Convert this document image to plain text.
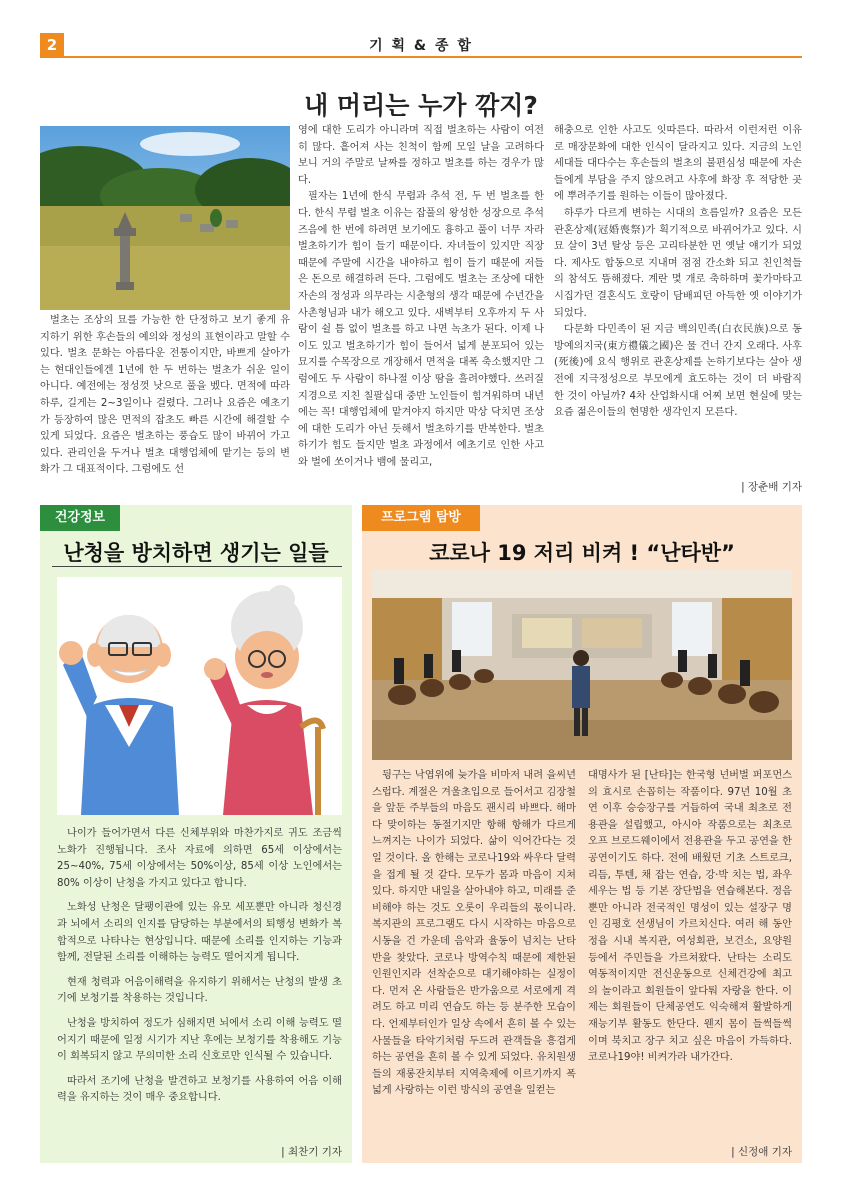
2	기 획 & 종 합
내 머리는 누가 깎지?

벌초는 조상의 묘를 가능한 한 단정하고 보기 좋게 유지하기 위한 후손들의 예의와 정성의 표현이라고 말할 수 있다. 벌초 문화는 아름다운 전통이지만, 바쁘게 살아가는 현대인들에겐 1년에 한 두 번하는 벌초가 쉬운 일이 아니다. 예전에는 정성껏 낫으로 풀을 벴다. 면적에 따라 하루, 길게는 2~3일이나 걸렸다. 그러나 요즘은 예초기가 등장하여 많은 면적의 잡초도 빠른 시간에 해결할 수 있게 되었다. 요즘은 벌초하는 풍습도 많이 바뀌어 가고 있다. 관리인을 두거나 벌초 대행업체에 맡기는 등의 변화가 그 대표적이다. 그럼에도 선

영에 대한 도리가 아니라며 직접 벌초하는 사람이 여전히 많다. 흩어져 사는 친척이 함께 모일 날을 고려하다 보니 거의 주말로 날짜를 정하고 벌초를 하는 경우가 많다.

필자는 1년에 한식 무렵과 추석 전, 두 번 벌초를 한다. 한식 무렵 벌초 이유는 잡풀의 왕성한 성장으로 추석 즈음에 한 번에 하려면 보기에도 흉하고 풀이 너무 자라 벌초하기가 힘이 들기 때문이다. 자녀들이 있지만 직장 때문에 주말에 시간을 내야하고 힘이 들기 때문에 저들은 돈으로 해결하려 든다. 그럼에도 벌초는 조상에 대한 자손의 정성과 의무라는 시춘형의 생각 때문에 수년간을 사촌형님과 내가 해오고 있다. 새벽부터 오후까지 두 사람이 쉴 틈 없이 벌초를 하고 나면 녹초가 된다. 이제 나이도 있고 벌초하기가 힘이 들어서 넓게 분포되어 있는 묘지를 수목장으로 개장해서 면적을 대폭 축소했지만 그럼에도 두 사람이 하나절 이상 땀을 흘려야했다. 쓰러질 지경으로 지친 칠팔십대 중반 노인들이 힘겨워하며 내년에는 꼭! 대행업체에 맡겨야지 하지만 막상 닥치면 조상에 대한 도리가 아닌 듯해서 벌초하기를 반복한다. 벌초하기가 힘도 들지만 벌초 과정에서 예초기로 인한 사고와 벌에 쏘이거나 뱀에 물리고,

해충으로 인한 사고도 잇따른다. 따라서 이런저런 이유로 매장문화에 대한 인식이 달라지고 있다. 지금의 노인세대들 대다수는 후손들의 벌초의 불편심성 때문에 자손들에게 부담을 주지 않으려고 사후에 화장 후 적당한 곳에 뿌려주기를 원하는 이들이 많아졌다.

하루가 다르게 변하는 시대의 흐름일까? 요즘은 모든 관혼상제(冠婚喪祭)가 획기적으로 바뀌어가고 있다. 시묘 살이 3년 탈상 등은 고리타분한 먼 옛날 얘기가 되었다. 제사도 합동으로 지내며 점점 간소화 되고 친인척들의 참석도 뜸해졌다. 계란 몇 개로 축하하며 꽃가마타고 시집가던 결혼식도 호랑이 담배피던 아득한 옛 이야기가 되었다.

다문화 다민족이 된 지금 백의민족(白衣民族)으로 동방예의지국(東方禮儀之國)은 물 건너 간지 오래다. 사후(死後)에 요식 행위로 관혼상제를 논하기보다는 살아 생전에 지극정성으로 부모에게 효도하는 것이 더 바람직 한 것이 아닐까? 4차 산업화시대 어찌 보면 현실에 맞는 요즘 젊은이들의 현명한 생각인지 모른다.

| 장춘배 기자
건강정보
난청을 방치하면 생기는 일들

나이가 들어가면서 다른 신체부위와 마찬가지로 귀도 조금씩 노화가 진행됩니다. 조사 자료에 의하면 65세 이상에서는 25~40%, 75세 이상에서는 50%이상, 85세 이상 노인에서는 80% 이상이 난청을 가지고 있다고 합니다.

노화성 난청은 달팽이관에 있는 유모 세포뿐만 아니라 청신경과 뇌에서 소리의 인지를 담당하는 부분에서의 퇴행성 변화가 복합적으로 나타나는 현상입니다. 때문에 소리를 인지하는 기능과 함께, 전달된 소리를 이해하는 능력도 떨어지게 됩니다.

현재 청력과 어음이해력을 유지하기 위해서는 난청의 발생 초기에 보청기를 착용하는 것입니다.

난청을 방치하여 정도가 심해지면 뇌에서 소리 이해 능력도 떨어지기 때문에 일정 시기가 지난 후에는 보청기를 착용해도 기능이 회복되지 않고 무의미한 소리 신호로만 인식될 수 있습니다.

따라서 조기에 난청을 발견하고 보청기를 사용하여 어음 이해력을 유지하는 것이 매우 중요합니다.

| 최찬기 기자
프로그램 탐방
코로나 19 저리 비켜 ! “난타반”

뒹구는 낙엽위에 늦가을 비마저 내려 을씨년스럽다. 계절은 겨울초입으로 들어서고 김장철을 앞둔 주부들의 마음도 괜시리 바쁘다. 해마다 맞이하는 동절기지만 항해 항해가 다르게 느껴지는 나이가 되었다. 삶이 익어간다는 것일 것이다. 올 한해는 코로나19와 싸우다 달력을 접게 될 것 같다. 모두가 몸과 마음이 지쳐있다. 하지만 내일을 살아내야 하고, 미래를 준비해야 하는 것도 오롯이 우리들의 몫이니라. 복지관의 프로그램도 다시 시작하는 마음으로 시동을 건 가운데 음악과 율동이 넘치는 난타반을 찾았다. 코로나 방역수칙 때문에 제한된 인원인지라 선착순으로 대기해야하는 실정이다. 먼저 온 사람들은 반가움으로 서로에게 격려도 하고 미리 연습도 하는 등 분주한 모습이다. 언제부터인가 일상 속에서 흔히 볼 수 있는 사물들을 타악기처럼 두드려 관객들을 흥겹게 하는 공연을 흔히 볼 수 있게 되었다. 유치원생들의 재롱잔치부터 지역축제에 이르기까지 폭넓게 사랑하는 이런 방식의 공연을 일컫는

대명사가 된 [난타]는 한국형 넌버벌 퍼포먼스의 효시로 손꼽히는 작품이다. 97년 10월 초연 이후 승승장구를 거듭하여 국내 최초로 전용관을 설립했고, 아시아 작품으로는 최초로 오프 브로드웨이에서 전용관을 두고 공연을 한 공연이기도 하다. 전에 배웠던 기초 스트로크, 리듬, 투텐, 채 잡는 연습, 강·박 치는 법, 좌우 세우는 법 등 기본 장단법을 연습해본다. 정음뿐만 아니라 전국적인 명성이 있는 설장구 명인 김평호 선생님이 가르치신다. 여러 해 동안 정읍 시내 복지관, 여성회관, 보건소, 요양원 등에서 주민들을 가르쳐왔다. 난타는 소리도 역동적이지만 전신운동으로 신체건강에 최고의 놀이라고 회원들이 앞다퉈 자랑을 한다. 이제는 회원들이 단체공연도 익숙해져 활발하게 재능기부 활동도 한단다. 웬지 몸이 들썩들썩이며 북치고 장구 치고 싶은 마음이 가득하다. 코로나19야! 비켜가라 내가간다.

| 신정애 기자
